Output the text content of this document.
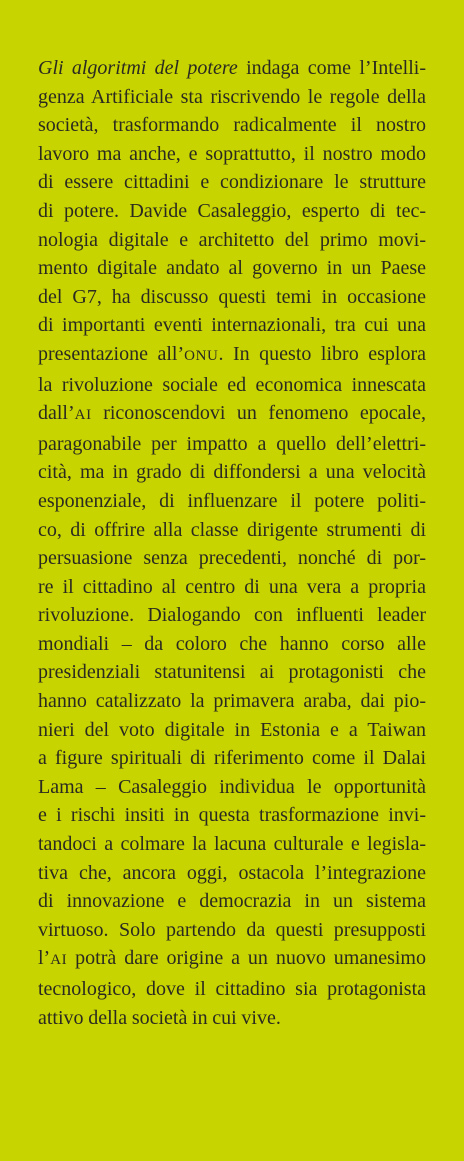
Gli algoritmi del potere indaga come l’Intelli-
genza Artificiale sta riscrivendo le regole della
società, trasformando radicalmente il nostro
lavoro ma anche, e soprattutto, il nostro modo
di essere cittadini e condizionare le strutture
di potere. Davide Casaleggio, esperto di tec-
nologia digitale e architetto del primo movi-
mento digitale andato al governo in un Paese
del G7, ha discusso questi temi in occasione
di importanti eventi internazionali, tra cui una
presentazione all’ONU. In questo libro esplora
la rivoluzione sociale ed economica innescata
dall’AI riconoscendovi un fenomeno epocale,
paragonabile per impatto a quello dell’elettri-
cità, ma in grado di diffondersi a una velocità
esponenziale, di influenzare il potere politi-
co, di offrire alla classe dirigente strumenti di
persuasione senza precedenti, nonché di por-
re il cittadino al centro di una vera a propria
rivoluzione. Dialogando con influenti leader
mondiali – da coloro che hanno corso alle
presidenziali statunitensi ai protagonisti che
hanno catalizzato la primavera araba, dai pio-
nieri del voto digitale in Estonia e a Taiwan
a figure spirituali di riferimento come il Dalai
Lama – Casaleggio individua le opportunità
e i rischi insiti in questa trasformazione invi-
tandoci a colmare la lacuna culturale e legisla-
tiva che, ancora oggi, ostacola l’integrazione
di innovazione e democrazia in un sistema
virtuoso. Solo partendo da questi presupposti
l’AI potrà dare origine a un nuovo umanesimo
tecnologico, dove il cittadino sia protagonista
attivo della società in cui vive.
